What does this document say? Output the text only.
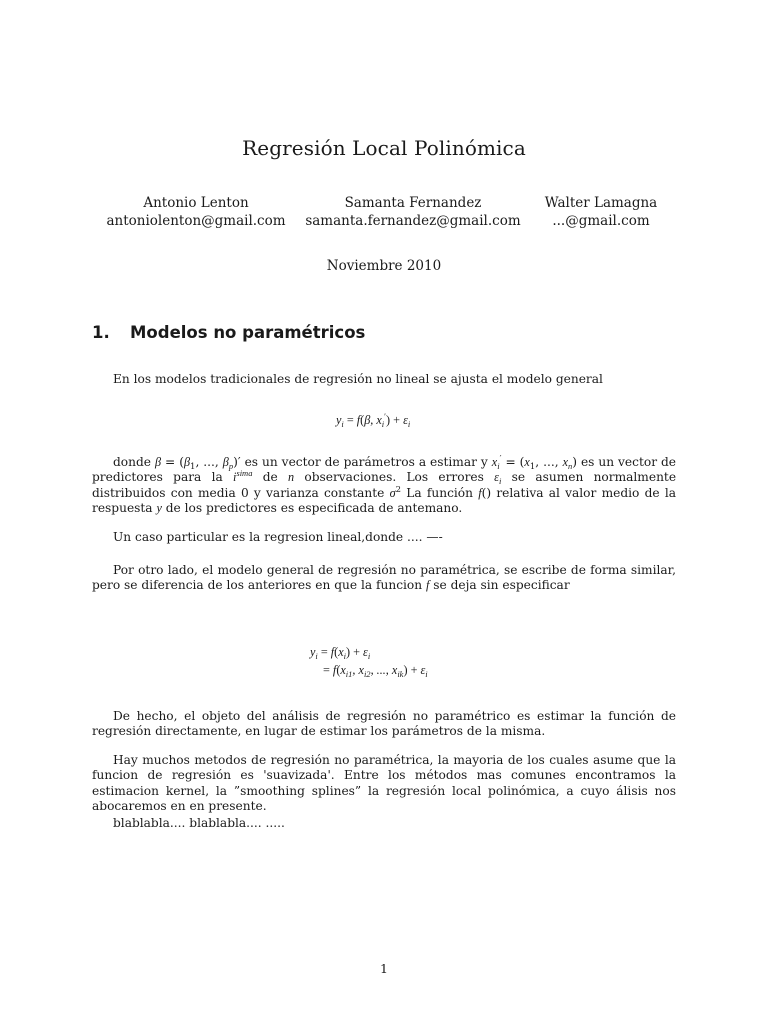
Regresión Local Polinómica
Antonio Lenton
antoniolenton@gmail.com
Samanta Fernandez
samanta.fernandez@gmail.com
Walter Lamagna
...@gmail.com
Noviembre 2010
1. Modelos no paramétricos
En los modelos tradicionales de regresión no lineal se ajusta el modelo general
$y_i = f(\beta$, $x_i') + \varepsilon_i$
donde $\beta = (\beta_1$, ..., $\beta_p)'$ es un vector de parámetros a estimar y $x_i' = (x_1$, ..., $x_n$) es un vector de predictores para la $i^{sima}$ de n observaciones. Los errores $\varepsilon_i$ se asumen normalmente distribuidos con media 0 y varianza constante $\sigma^2$ La función f() relativa al valor medio de la respuesta y de los predictores es especificada de antemano.
Un caso particular es la regresion lineal,donde .... —-
Por otro lado, el modelo general de regresión no paramétrica, se escribe de forma similar, pero se diferencia de los anteriores en que la funcion f se deja sin especificar
$y_i = f(x_i) + \varepsilon_i$
= $f(x_{i1}$, $x_{i2}$, ..., $x_{ik}) + \varepsilon_i$
De hecho, el objeto del análisis de regresión no paramétrico es estimar la función de regresión directamente, en lugar de estimar los parámetros de la misma.
Hay muchos metodos de regresión no paramétrica, la mayoria de los cuales asume que la funcion de regresión es 'suavizada'. Entre los métodos mas comunes encontramos la estimacion kernel, la ”smoothing splines” la regresión local polinómica, a cuyo álisis nos abocaremos en en presente.
blablabla.... blablabla.... .....
1
